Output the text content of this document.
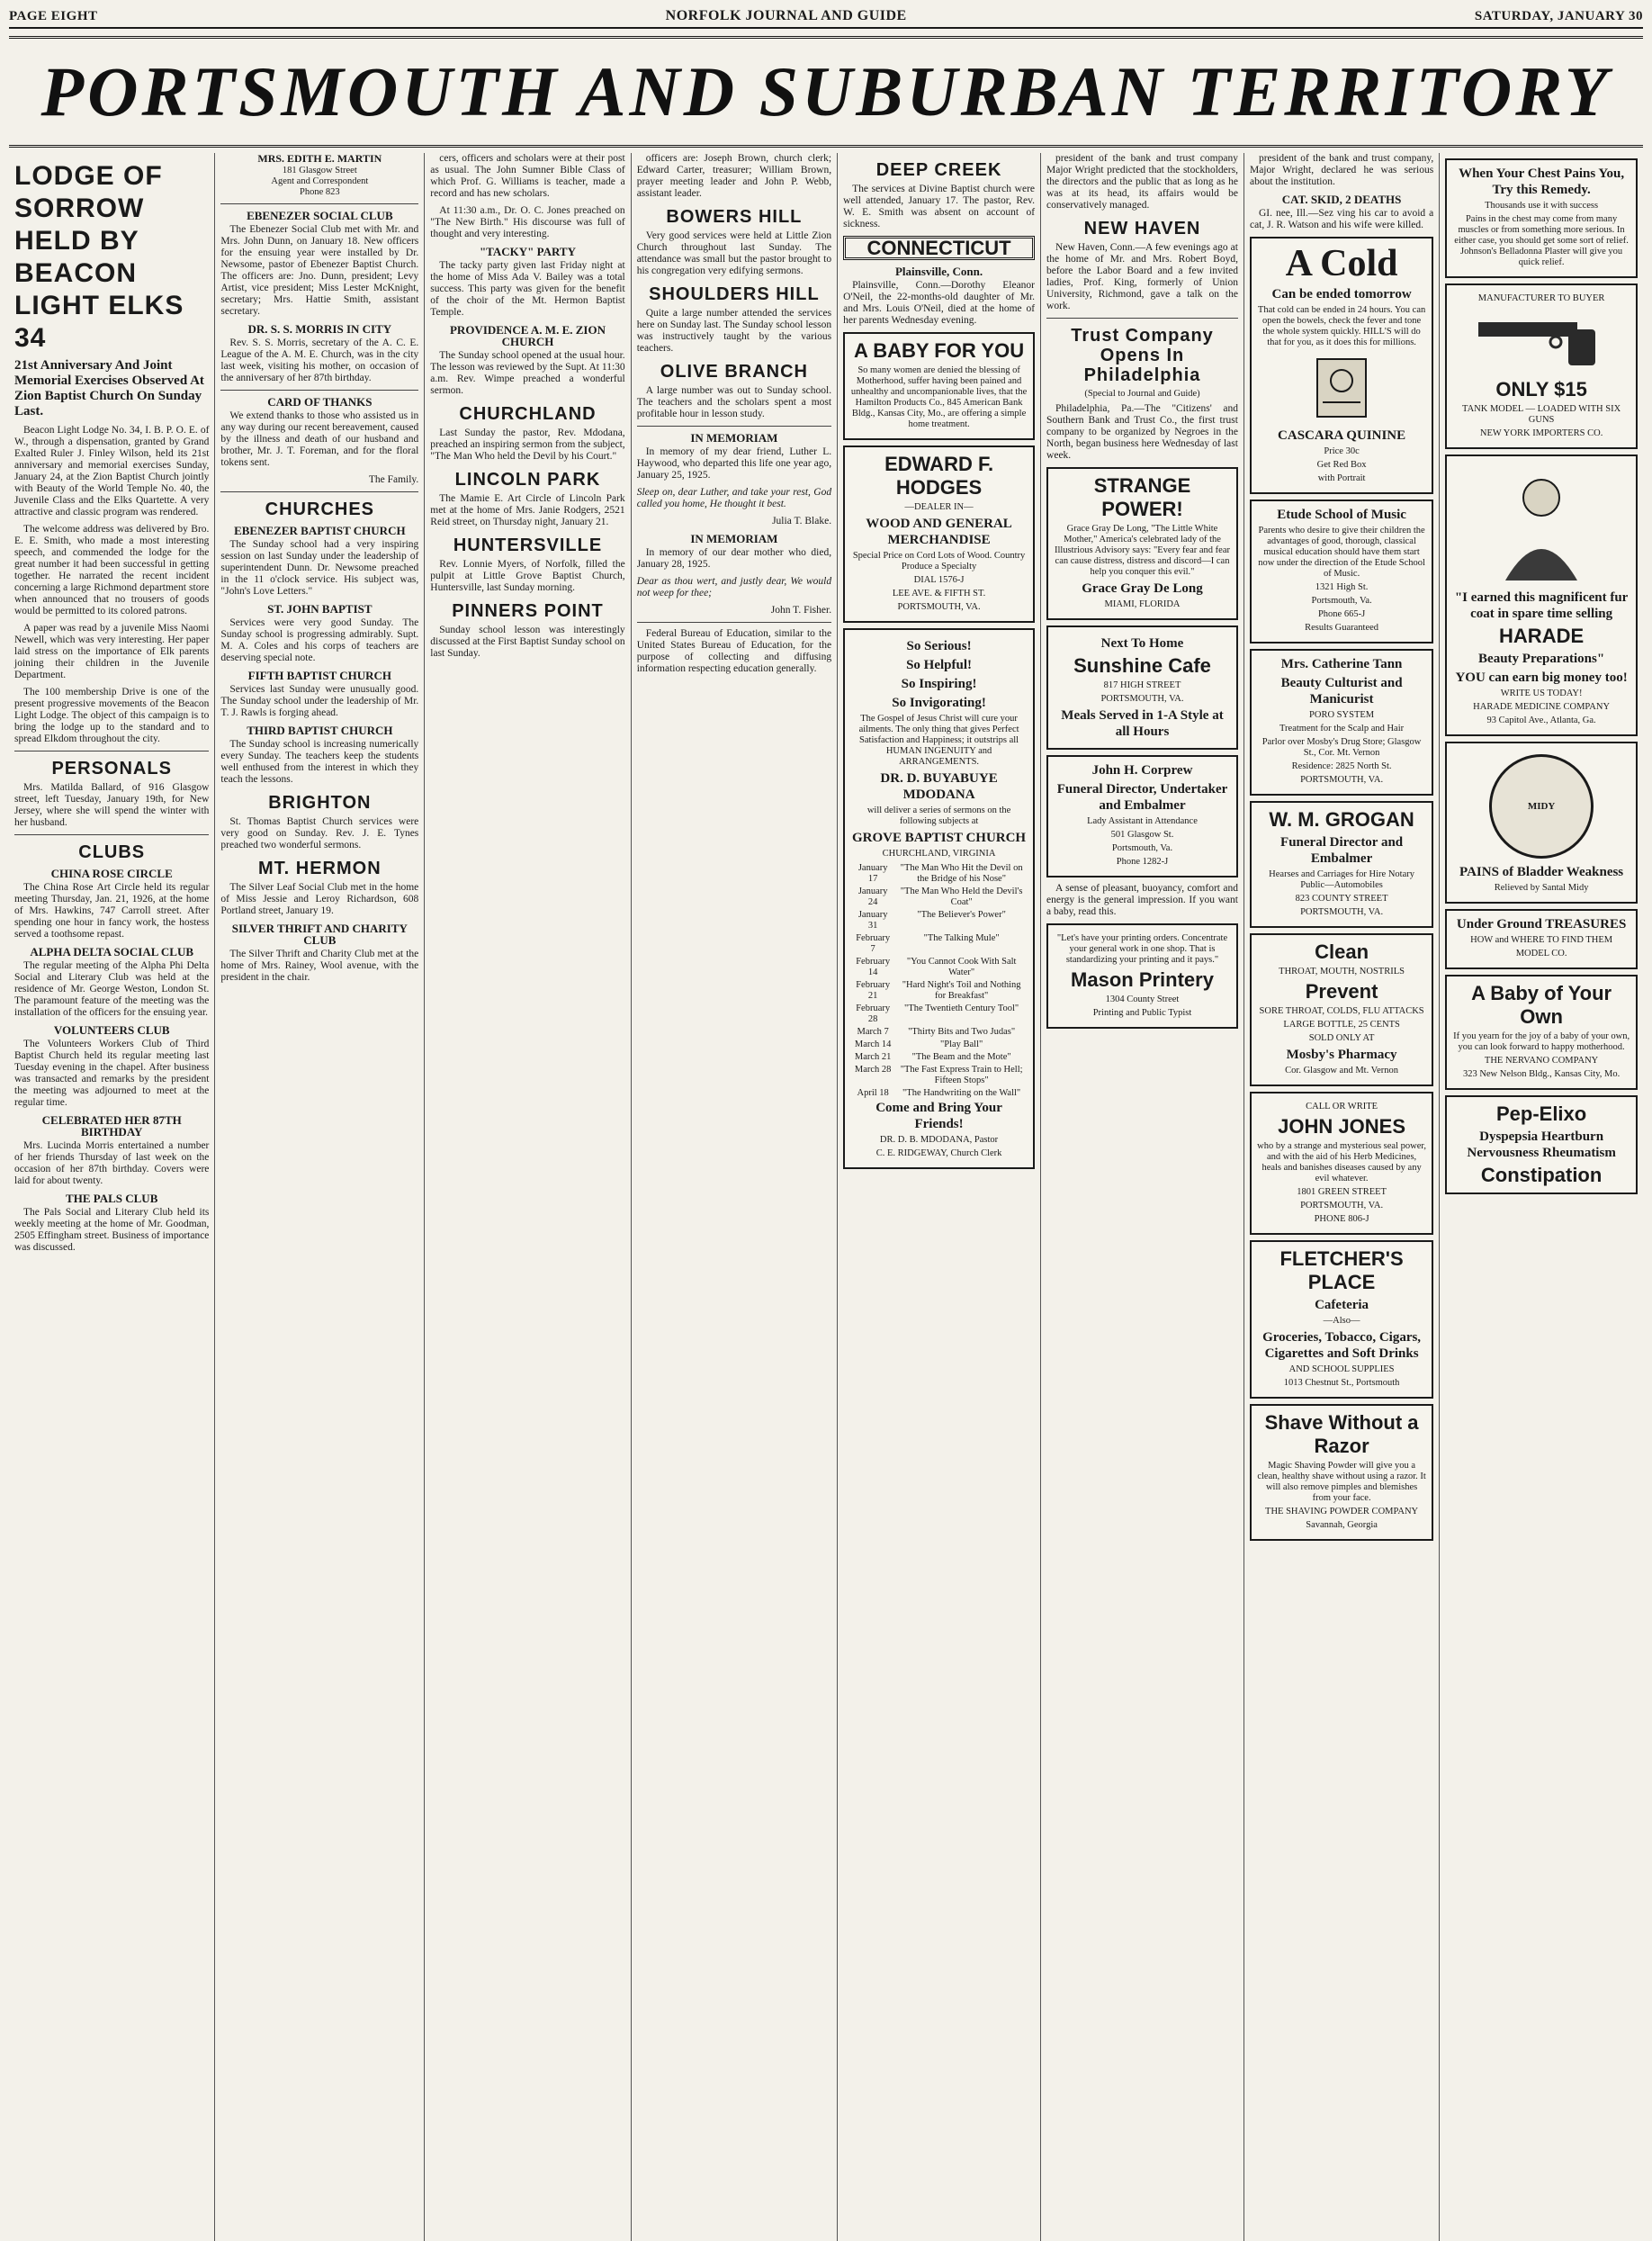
PAGE EIGHT	NORFOLK JOURNAL AND GUIDE	SATURDAY, JANUARY 30
PORTSMOUTH AND SUBURBAN TERRITORY
LODGE OF SORROW HELD BY BEACON LIGHT ELKS 34
21st Anniversary And Joint Memorial Exercises Observed At Zion Baptist Church On Sunday Last.

Beacon Light Lodge No. 34, I. B. P. O. E. of W., through a dispensation, granted by Grand Exalted Ruler J. Finley Wilson, held its 21st anniversary and memorial exercises Sunday, January 24, at the Zion Baptist Church jointly with Beauty of the World Temple No. 40, the Juvenile Class and the Elks Quartette. A very attractive and classic program was rendered.

The welcome address was delivered by Bro. E. E. Smith, who made a most interesting speech, and commended the lodge for the great number it had been successful in getting together. He narrated the recent incident concerning a large Richmond department store when announced that no trousers of goods would be permitted to its colored patrons.

A paper was read by a juvenile Miss Naomi Newell, which was very interesting. Her paper laid stress on the importance of Elk parents joining their children in the Juvenile Department.

The 100 membership Drive is one of the present progressive movements of the Beacon Light Lodge. The object of this campaign is to bring the lodge up to the standard and to spread Elkdom throughout the city.

PERSONALS

Mrs. Matilda Ballard, of 916 Glasgow street, left Tuesday, January 19th, for New Jersey, where she will spend the winter with her husband.

CLUBS
CHINA ROSE CIRCLE

The China Rose Art Circle held its regular meeting Thursday, Jan. 21, 1926, at the home of Mrs. Hawkins, 747 Carroll street. After spending one hour in fancy work, the hostess served a toothsome repast.

ALPHA DELTA SOCIAL CLUB

The regular meeting of the Alpha Phi Delta Social and Literary Club was held at the residence of Mr. George Weston, London St. The paramount feature of the meeting was the installation of the officers for the ensuing year.

VOLUNTEERS CLUB

The Volunteers Workers Club of Third Baptist Church held its regular meeting last Tuesday evening in the chapel. After business was transacted and remarks by the president the meeting was adjourned to meet at the regular time.

CELEBRATED HER 87TH BIRTHDAY

Mrs. Lucinda Morris entertained a number of her friends Thursday of last week on the occasion of her 87th birthday. Covers were laid for about twenty.

THE PALS CLUB

The Pals Social and Literary Club held its weekly meeting at the home of Mr. Goodman, 2505 Effingham street. Business of importance was discussed.

MRS. EDITH E. MARTIN
181 Glasgow Street
Agent and Correspondent
Phone 823
EBENEZER SOCIAL CLUB

The Ebenezer Social Club met with Mr. and Mrs. John Dunn, on January 18. New officers for the ensuing year were installed by Dr. Newsome, pastor of Ebenezer Baptist Church. The officers are: Jno. Dunn, president; Levy Artist, vice president; Miss Lester McKnight, secretary; Mrs. Hattie Smith, assistant secretary.

DR. S. S. MORRIS IN CITY

Rev. S. S. Morris, secretary of the A. C. E. League of the A. M. E. Church, was in the city last week, visiting his mother, on occasion of the anniversary of her 87th birthday.

CARD OF THANKS

We extend thanks to those who assisted us in any way during our recent bereavement, caused by the illness and death of our husband and brother, Mr. J. T. Foreman, and for the floral tokens sent.

The Family.

CHURCHES
EBENEZER BAPTIST CHURCH

The Sunday school had a very inspiring session on last Sunday under the leadership of superintendent Dunn. Dr. Newsome preached in the 11 o'clock service. His subject was, "John's Love Letters."

ST. JOHN BAPTIST

Services were very good Sunday. The Sunday school is progressing admirably. Supt. M. A. Coles and his corps of teachers are deserving special note.

FIFTH BAPTIST CHURCH

Services last Sunday were unusually good. The Sunday school under the leadership of Mr. T. J. Rawls is forging ahead.

THIRD BAPTIST CHURCH

The Sunday school is increasing numerically every Sunday. The teachers keep the students well enthused from the interest in which they teach the lessons.

BRIGHTON

St. Thomas Baptist Church services were very good on Sunday. Rev. J. E. Tynes preached two wonderful sermons.

MT. HERMON

The Silver Leaf Social Club met in the home of Miss Jessie and Leroy Richardson, 608 Portland street, January 19.

SILVER THRIFT AND CHARITY CLUB

The Silver Thrift and Charity Club met at the home of Mrs. Rainey, Wool avenue, with the president in the chair.

cers, officers and scholars were at their post as usual. The John Sumner Bible Class of which Prof. G. Williams is teacher, made a record and has new scholars.

At 11:30 a.m., Dr. O. C. Jones preached on "The New Birth." His discourse was full of thought and very interesting.

"TACKY" PARTY

The tacky party given last Friday night at the home of Miss Ada V. Bailey was a total success. This party was given for the benefit of the choir of the Mt. Hermon Baptist Temple.

PROVIDENCE A. M. E. ZION CHURCH

The Sunday school opened at the usual hour. The lesson was reviewed by the Supt. At 11:30 a.m. Rev. Wimpe preached a wonderful sermon.

CHURCHLAND

Last Sunday the pastor, Rev. Mdodana, preached an inspiring sermon from the subject, "The Man Who held the Devil by his Court."

LINCOLN PARK

The Mamie E. Art Circle of Lincoln Park met at the home of Mrs. Janie Rodgers, 2521 Reid street, on Thursday night, January 21.

HUNTERSVILLE

Rev. Lonnie Myers, of Norfolk, filled the pulpit at Little Grove Baptist Church, Huntersville, last Sunday morning.

PINNERS POINT

Sunday school lesson was interestingly discussed at the First Baptist Sunday school on last Sunday.

officers are: Joseph Brown, church clerk; Edward Carter, treasurer; William Brown, prayer meeting leader and John P. Webb, assistant leader.

BOWERS HILL

Very good services were held at Little Zion Church throughout last Sunday. The attendance was small but the pastor brought to his congregation very edifying sermons.

SHOULDERS HILL

Quite a large number attended the services here on Sunday last. The Sunday school lesson was instructively taught by the various teachers.

OLIVE BRANCH

A large number was out to Sunday school. The teachers and the scholars spent a most profitable hour in lesson study.

IN MEMORIAM

In memory of my dear friend, Luther L. Haywood, who departed this life one year ago, January 25, 1925.

Sleep on, dear Luther, and take your rest, God called you home, He thought it best.

Julia T. Blake.

IN MEMORIAM

In memory of our dear mother who died, January 28, 1925.

Dear as thou wert, and justly dear, We would not weep for thee;

John T. Fisher.

Federal Bureau of Education, similar to the United States Bureau of Education, for the purpose of collecting and diffusing information respecting education generally.

DEEP CREEK

The services at Divine Baptist church were well attended, January 17. The pastor, Rev. W. E. Smith was absent on account of sickness.

CONNECTICUT
Plainsville, Conn.

Plainsville, Conn.—Dorothy Eleanor O'Neil, the 22-months-old daughter of Mr. and Mrs. Louis O'Neil, died at the home of her parents Wednesday evening.

A BABY FOR YOU

So many women are denied the blessing of Motherhood, suffer having been pained and unhealthy and uncompanionable lives, that the Hamilton Products Co., 845 American Bank Bldg., Kansas City, Mo., are offering a simple home treatment.

EDWARD F. HODGES

—DEALER IN—

WOOD AND GENERAL MERCHANDISE

Special Price on Cord Lots of Wood. Country Produce a Specialty

DIAL 1576-J

LEE AVE. & FIFTH ST.

PORTSMOUTH, VA.

So Serious!

So Helpful!

So Inspiring!

So Invigorating!

The Gospel of Jesus Christ will cure your ailments. The only thing that gives Perfect Satisfaction and Happiness; it outstrips all HUMAN INGENUITY and ARRANGEMENTS.

DR. D. BUYABUYE MDODANA

will deliver a series of sermons on the following subjects at

GROVE BAPTIST CHURCH

CHURCHLAND, VIRGINIA

January 17	"The Man Who Hit the Devil on the Bridge of his Nose"
January 24	"The Man Who Held the Devil's Coat"
January 31	"The Believer's Power"
February 7	"The Talking Mule"
February 14	"You Cannot Cook With Salt Water"
February 21	"Hard Night's Toil and Nothing for Breakfast"
February 28	"The Twentieth Century Tool"
March 7	"Thirty Bits and Two Judas"
March 14	"Play Ball"
March 21	"The Beam and the Mote"
March 28	"The Fast Express Train to Hell; Fifteen Stops"
April 18	"The Handwriting on the Wall"
Come and Bring Your Friends!

DR. D. B. MDODANA, Pastor

C. E. RIDGEWAY, Church Clerk

president of the bank and trust company Major Wright predicted that the stockholders, the directors and the public that as long as he was at its head, its affairs would be conservatively managed.

NEW HAVEN

New Haven, Conn.—A few evenings ago at the home of Mr. and Mrs. Robert Boyd, before the Labor Board and a few invited ladies, Prof. King, formerly of Union University, Richmond, gave a talk on the work.

Trust Company Opens In Philadelphia
(Special to Journal and Guide)

Philadelphia, Pa.—The "Citizens' and Southern Bank and Trust Co., the first trust company to be organized by Negroes in the North, began business here Wednesday of last week.

STRANGE POWER!

Grace Gray De Long, "The Little White Mother," America's celebrated lady of the Illustrious Advisory says: "Every fear and fear can cause distress, distress and discord—I can help you conquer this evil."

Grace Gray De Long

MIAMI, FLORIDA

Next To Home

Sunshine Cafe

817 HIGH STREET

PORTSMOUTH, VA.

Meals Served in 1-A Style at all Hours

John H. Corprew

Funeral Director, Undertaker and Embalmer

Lady Assistant in Attendance

501 Glasgow St.

Portsmouth, Va.

Phone 1282-J

A sense of pleasant, buoyancy, comfort and energy is the general impression. If you want a baby, read this.

"Let's have your printing orders. Concentrate your general work in one shop. That is standardizing your printing and it pays."

Mason Printery

1304 County Street

Printing and Public Typist

president of the bank and trust company, Major Wright, declared he was serious about the institution.

CAT. SKID, 2 DEATHS

GI. nee, Ill.—Sez ving his car to avoid a cat, J. R. Watson and his wife were killed.

A Cold

Can be ended tomorrow

That cold can be ended in 24 hours. You can open the bowels, check the fever and tone the whole system quickly. HILL'S will do that for you, as it does this for millions.

CASCARA QUININE

Price 30c

Get Red Box

with Portrait

Etude School of Music

Parents who desire to give their children the advantages of good, thorough, classical musical education should have them start now under the direction of the Etude School of Music.

1321 High St.

Portsmouth, Va.

Phone 665-J

Results Guaranteed

Mrs. Catherine Tann

Beauty Culturist and Manicurist

PORO SYSTEM

Treatment for the Scalp and Hair

Parlor over Mosby's Drug Store; Glasgow St., Cor. Mt. Vernon

Residence: 2825 North St.

PORTSMOUTH, VA.

W. M. GROGAN

Funeral Director and Embalmer

Hearses and Carriages for Hire Notary Public—Automobiles

823 COUNTY STREET

PORTSMOUTH, VA.

Clean

THROAT, MOUTH, NOSTRILS

Prevent

SORE THROAT, COLDS, FLU ATTACKS

LARGE BOTTLE, 25 CENTS

SOLD ONLY AT

Mosby's Pharmacy

Cor. Glasgow and Mt. Vernon

CALL OR WRITE

JOHN JONES

who by a strange and mysterious seal power, and with the aid of his Herb Medicines, heals and banishes diseases caused by any evil whatever.

1801 GREEN STREET

PORTSMOUTH, VA.

PHONE 806-J

FLETCHER'S PLACE

Cafeteria

—Also—

Groceries, Tobacco, Cigars, Cigarettes and Soft Drinks

AND SCHOOL SUPPLIES

1013 Chestnut St., Portsmouth

Shave Without a Razor

Magic Shaving Powder will give you a clean, healthy shave without using a razor. It will also remove pimples and blemishes from your face.

THE SHAVING POWDER COMPANY

Savannah, Georgia

When Your Chest Pains You, Try this Remedy.

Thousands use it with success

Pains in the chest may come from many muscles or from something more serious. In either case, you should get some sort of relief. Johnson's Belladonna Plaster will give you quick relief.

MANUFACTURER TO BUYER

ONLY $15

TANK MODEL — LOADED WITH SIX GUNS

NEW YORK IMPORTERS CO.

"I earned this magnificent fur coat in spare time selling

HARADE

Beauty Preparations"

YOU can earn big money too!

WRITE US TODAY!

HARADE MEDICINE COMPANY

93 Capitol Ave., Atlanta, Ga.

MIDY
PAINS of Bladder Weakness

Relieved by Santal Midy

Under Ground TREASURES

HOW and WHERE TO FIND THEM

MODEL CO.

A Baby of Your Own

If you yearn for the joy of a baby of your own, you can look forward to happy motherhood.

THE NERVANO COMPANY

323 New Nelson Bldg., Kansas City, Mo.

Pep-Elixo

Dyspepsia Heartburn Nervousness Rheumatism

Constipation
